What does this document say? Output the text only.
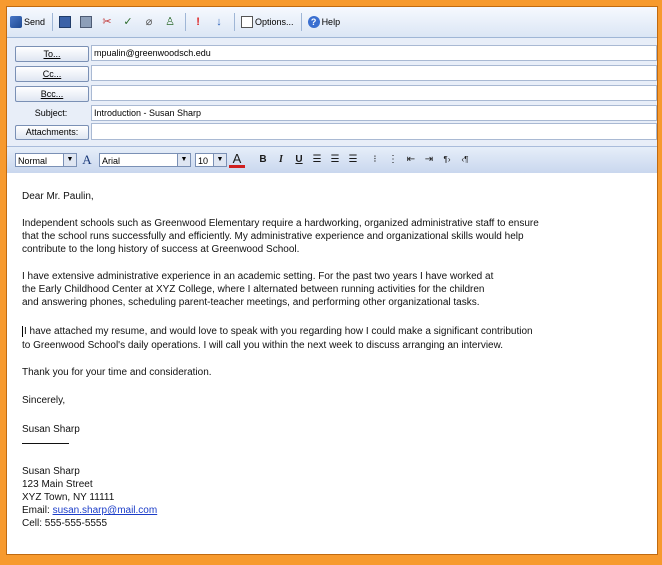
Send	✂ ✓ ⌀ ♙	!	↓	Options...	? Help
To...	mpualin@greenwoodsch.edu
Cc...
Bcc...
Subject:	Introduction - Susan Sharp
Attachments:
Normal	▼ A	Arial	▼	10	▼ A	B	I	U ☰ ☰ ☰	⁝	⋮ ⇤ ⇥	¶›	‹¶
Dear Mr. Paulin,
Independent schools such as Greenwood Elementary require a hardworking, organized administrative staff to ensure
that the school runs successfully and efficiently. My administrative experience and organizational skills would help
contribute to the long history of success at Greenwood School.
I have extensive administrative experience in an academic setting. For the past two years I have worked at
the Early Childhood Center at XYZ College, where I alternated between running activities for the children
and answering phones, scheduling parent-teacher meetings, and performing other organizational tasks.
I have attached my resume, and would love to speak with you regarding how I could make a significant contribution
to Greenwood School's daily operations. I will call you within the next week to discuss arranging an interview.
Thank you for your time and consideration.
Sincerely,
Susan Sharp
Susan Sharp
123 Main Street
XYZ Town, NY 11111
Email: susan.sharp@mail.com
Cell: 555-555-5555
